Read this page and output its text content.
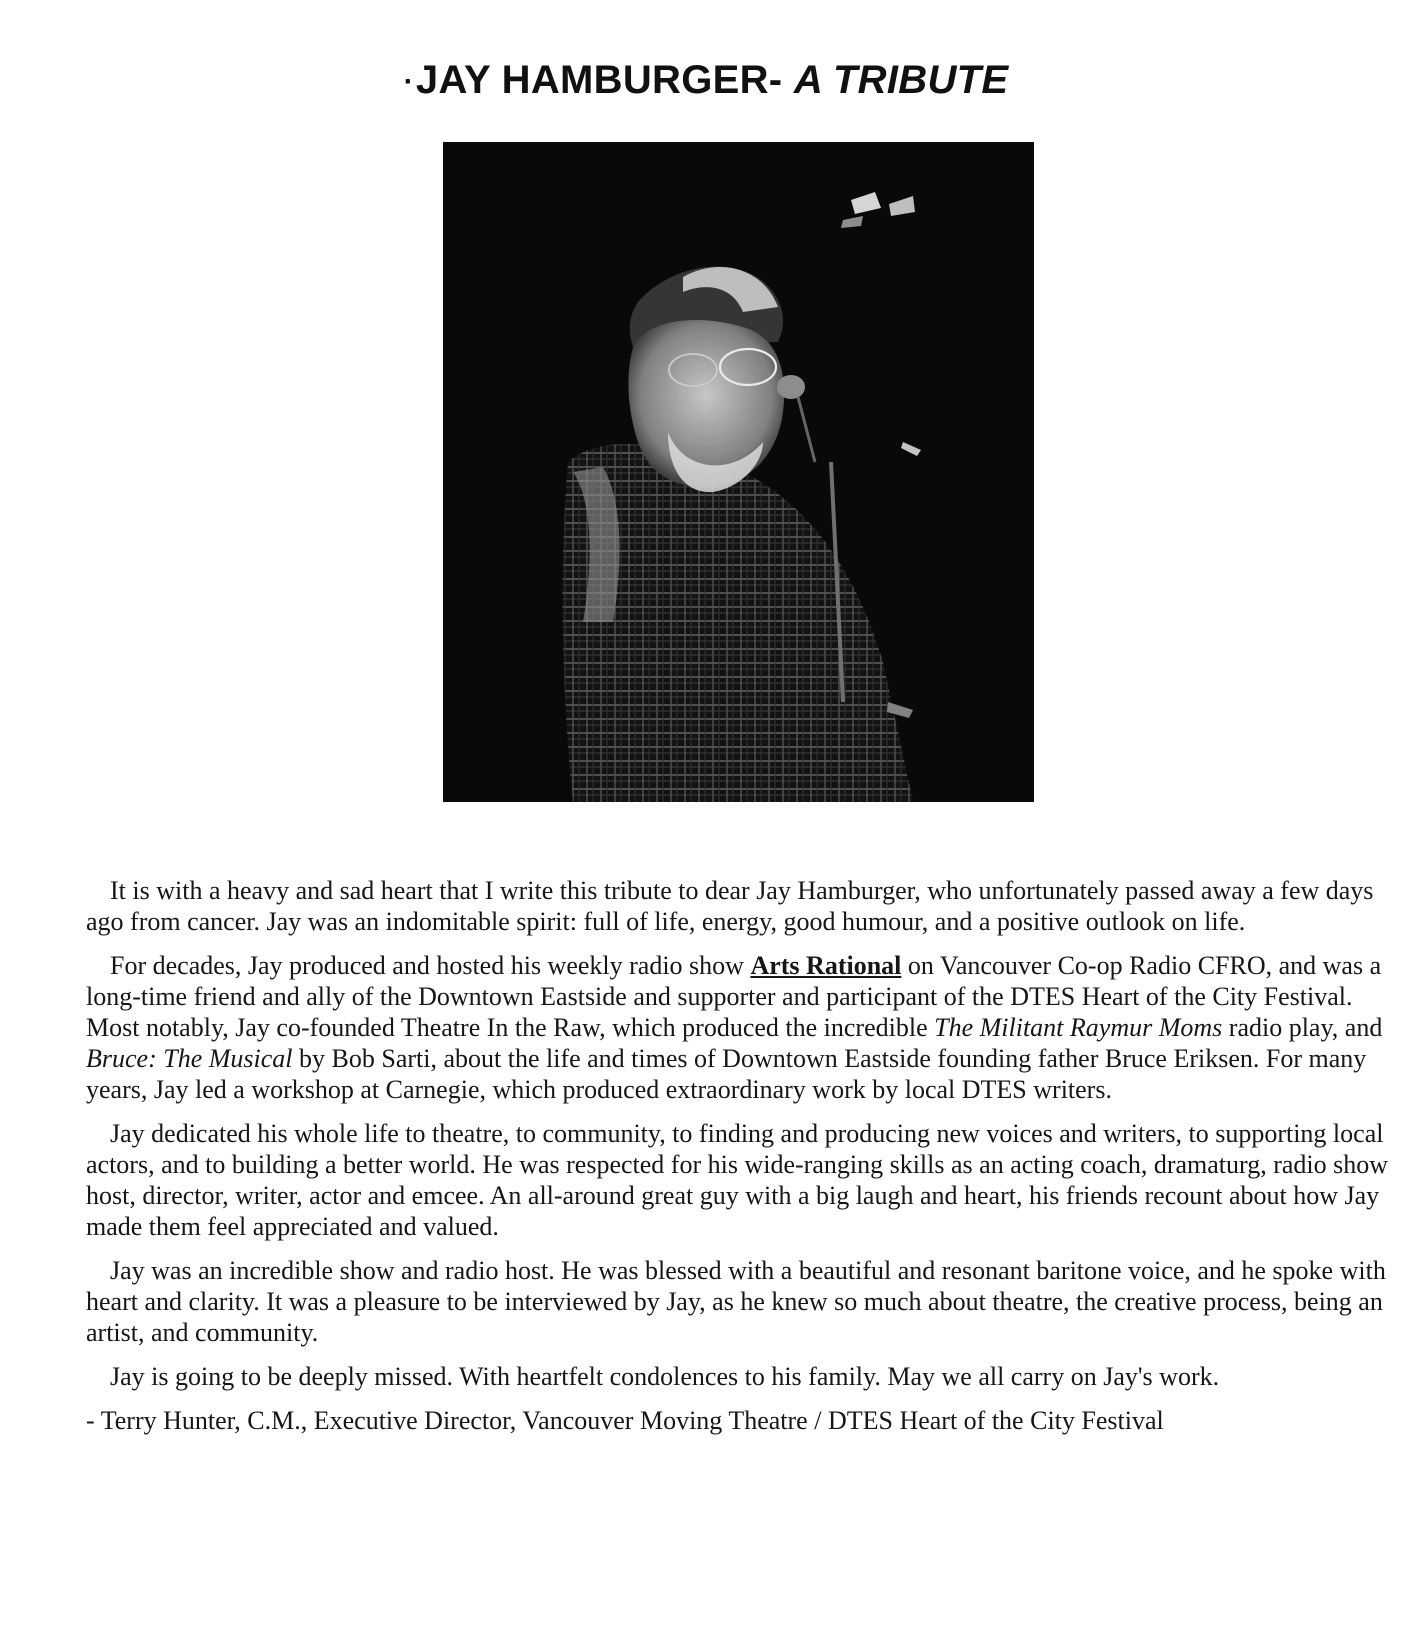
·JAY HAMBURGER- A TRIBUTE

It is with a heavy and sad heart that I write this tribute to dear Jay Hamburger, who unfortunately passed away a few days ago from cancer. Jay was an indomitable spirit: full of life, energy, good humour, and a positive outlook on life.

For decades, Jay produced and hosted his weekly radio show Arts Rational on Vancouver Co-op Radio CFRO, and was a long-time friend and ally of the Downtown Eastside and supporter and participant of the DTES Heart of the City Festival. Most notably, Jay co-founded Theatre In the Raw, which produced the incredible The Militant Raymur Moms radio play, and Bruce: The Musical by Bob Sarti, about the life and times of Downtown Eastside founding father Bruce Eriksen. For many years, Jay led a workshop at Carnegie, which produced extraordinary work by local DTES writers.

Jay dedicated his whole life to theatre, to community, to finding and producing new voices and writers, to supporting local actors, and to building a better world. He was respected for his wide-ranging skills as an acting coach, dramaturg, radio show host, director, writer, actor and emcee. An all-around great guy with a big laugh and heart, his friends recount about how Jay made them feel appreciated and valued.

Jay was an incredible show and radio host. He was blessed with a beautiful and resonant baritone voice, and he spoke with heart and clarity. It was a pleasure to be interviewed by Jay, as he knew so much about theatre, the creative process, being an artist, and community.

Jay is going to be deeply missed. With heartfelt condolences to his family. May we all carry on Jay's work.

- Terry Hunter, C.M., Executive Director, Vancouver Moving Theatre / DTES Heart of the City Festival
